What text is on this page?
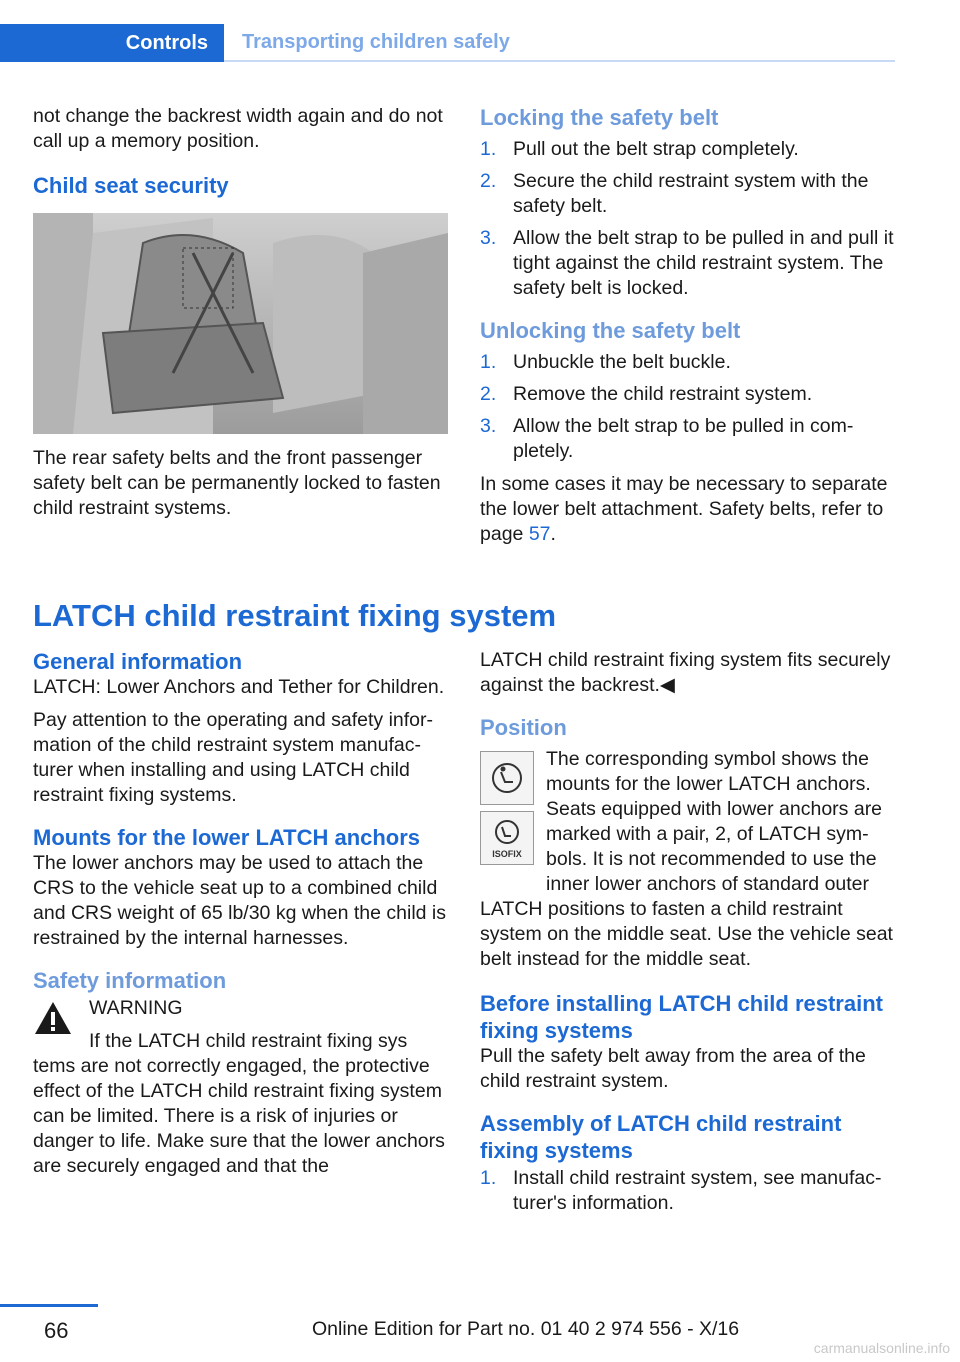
Controls	Transporting children safely

not change the backrest width again and do not call up a memory position.

Child seat security

The rear safety belts and the front passenger safety belt can be permanently locked to fasten child restraint systems.

Locking the safety belt
1. Pull out the belt strap completely.
2. Secure the child restraint system with the safety belt.
3. Allow the belt strap to be pulled in and pull it tight against the child restraint system. The safety belt is locked.
Unlocking the safety belt
1. Unbuckle the belt buckle.
2. Remove the child restraint system.
3. Allow the belt strap to be pulled in completely.

In some cases it may be necessary to separate the lower belt attachment. Safety belts, refer to page 57.

LATCH child restraint fixing system
General information

LATCH: Lower Anchors and Tether for Children.

Pay attention to the operating and safety information of the child restraint system manufacturer when installing and using LATCH child restraint fixing systems.

Mounts for the lower LATCH anchors

The lower anchors may be used to attach the CRS to the vehicle seat up to a combined child and CRS weight of 65 lb/30 kg when the child is restrained by the internal harnesses.

Safety information
WARNING
If the LATCH child restraint fixing sys
tems are not correctly engaged, the protective effect of the LATCH child restraint fixing system can be limited. There is a risk of injuries or danger to life. Make sure that the lower anchors are securely engaged and that the

LATCH child restraint fixing system fits securely against the backrest.◀

Position
ISOFIX
The corresponding symbol shows the mounts for the lower LATCH anchors. Seats equipped with lower anchors are marked with a pair, 2, of LATCH symbols. It is not recommended to use the inner lower anchors of standard outer

LATCH positions to fasten a child restraint system on the middle seat. Use the vehicle seat belt instead for the middle seat.

Before installing LATCH child restraint fixing systems

Pull the safety belt away from the area of the child restraint system.

Assembly of LATCH child restraint fixing systems
1. Install child restraint system, see manufacturer's information.
66	Online Edition for Part no. 01 40 2 974 556 - X/16
carmanualsonline.info
